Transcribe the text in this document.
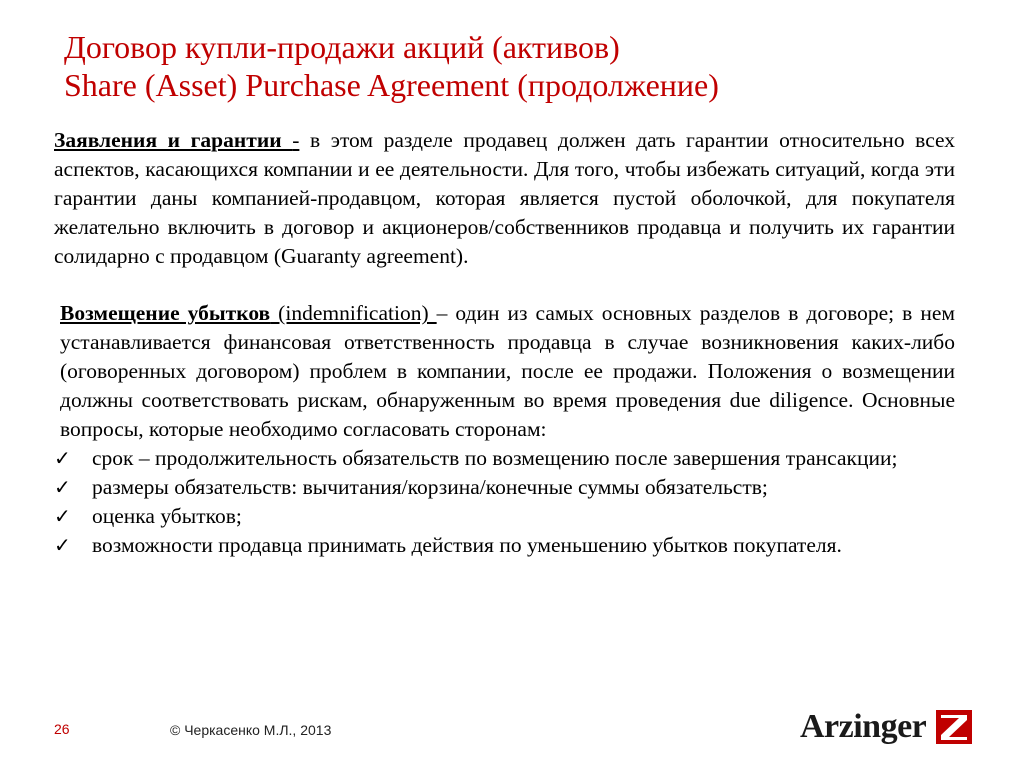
Договор купли-продажи акций (активов)
Share (Asset) Purchase Agreement (продолжение)

Заявления и гарантии - в этом разделе продавец должен дать гарантии относительно всех аспектов, касающихся компании и ее деятельности. Для того, чтобы избежать ситуаций, когда эти гарантии даны компанией-продавцом, которая является пустой оболочкой, для покупателя желательно включить в договор и акционеров/собственников продавца и получить их гарантии солидарно с продавцом (Guaranty agreement).

Возмещение убытков (indemnification) – один из самых основных разделов в договоре; в нем устанавливается финансовая ответственность продавца в случае возникновения каких-либо (оговоренных договором) проблем в компании, после ее продажи. Положения о возмещении должны соответствовать рискам, обнаруженным во время проведения due diligence. Основные вопросы, которые необходимо согласовать сторонам:

✓ срок – продолжительность обязательств по возмещению после завершения трансакции;

✓ размеры обязательств: вычитания/корзина/конечные суммы обязательств;

✓ оценка убытков;

✓ возможности продавца принимать действия по уменьшению убытков покупателя.

26	© Черкасенко М.Л., 2013	Arzinger
